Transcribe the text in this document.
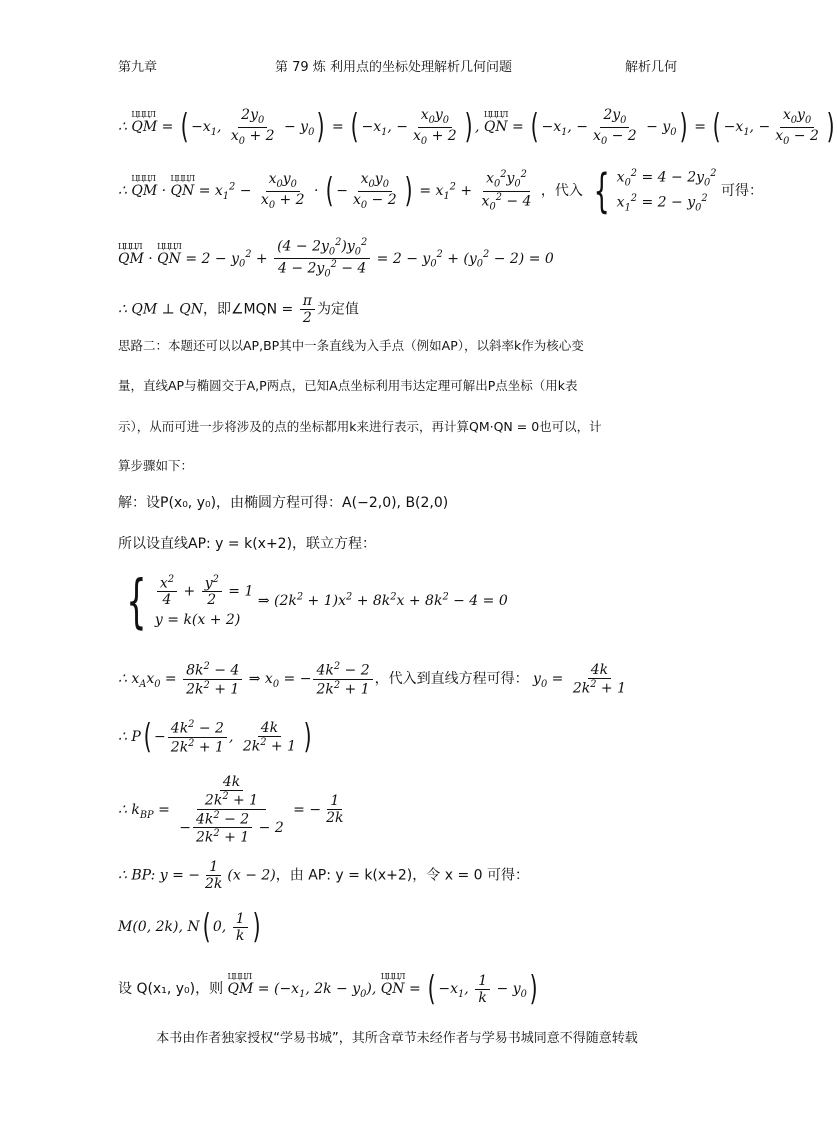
第九章	第 79 炼 利用点的坐标处理解析几何问题	解析几何
∴ ЦЦЦЛ QM = ( $-x_1$, $\frac{2y_0}{x_0 + 2} - y_0$) = ( $-x_1$, − $\frac{x_0y_0}{x_0 + 2}$ ) , ЦЦЦЛ QN = ( $-x_1$, − $\frac{2y_0}{x_0 - 2} - y_0$) = ( $-x_1$, − $\frac{x_0y_0}{x_0 - 2}$ )
∴ ЦЦЦЛ QM · ЦЦЦЛ QN = $x_1^2 - \frac{x_0y_0}{x_0 + 2}$ · ( − $\frac{x_0y_0}{x_0 - 2}$ ) = $x_1^2 + \frac{x_0^2y_0^2}{x_0^2 - 4}$ ，代入 { $x_0^2 = 4 - 2y_0^2$
$x_1^2 = 2 - y_0^2$ 可得：
ЦЦЦЛ QM · ЦЦЦЛ QN = $2 - y_0^2 + \frac{(4 - 2y_0^2)y_0^2}{4 - 2y_0^2 - 4} = 2 - y_0^2 + (y_0^2 - 2) = 0$
∴ QM ⊥ QN，即∠MQN = $\frac{\pi}{2}$ 为定值
思路二：本题还可以以AP,BP其中一条直线为入手点（例如AP），以斜率k作为核心变
量，直线AP与椭圆交于A,P两点，已知A点坐标利用韦达定理可解出P点坐标（用k表
示），从而可进一步将涉及的点的坐标都用k来进行表示，再计算QM·QN = 0也可以，计
算步骤如下：
解：设P(x₀, y₀)，由椭圆方程可得：A(−2,0), B(2,0)
所以设直线AP: y = k(x+2)，联立方程：
{ $\frac{x^2}{4} + \frac{y^2}{2} = 1$
y = k(x + 2)
⇒ $(2k^2 + 1)x^2 + 8k^2x + 8k^2 - 4 = 0$
∴ $x_Ax_0 = \frac{8k^2 - 4}{2k^2 + 1}$ ⇒ $x_0$ = − $\frac{4k^2 - 2}{2k^2 + 1}$ ，代入到直线方程可得： $y_0 = \frac{4k}{2k^2 + 1}$
∴ $P( - \frac{4k^2 - 2}{2k^2 + 1}$ , $\frac{4k}{2k^2 + 1}$ )
∴ $k_{BP} = \frac{\frac{4k}{2k^2 + 1}}{- \frac{4k^2 - 2}{2k^2 + 1} - 2}$ = − $\frac{1}{2k}$
∴ BP: y = − $\frac{1}{2k} (x - 2)$，由 AP: y = k(x+2)，令 x = 0 可得：
M(0, 2k), N( 0, $\frac{1}{k}$ )
设 Q(x₁, y₀)，则 ЦЦЦЛ QM = ($-x_1$, $2k - y_0$), ЦЦЦЛ QN = ( $-x_1$, $\frac{1}{k} - y_0$)
本书由作者独家授权“学易书城”，其所含章节未经作者与学易书城同意不得随意转载
